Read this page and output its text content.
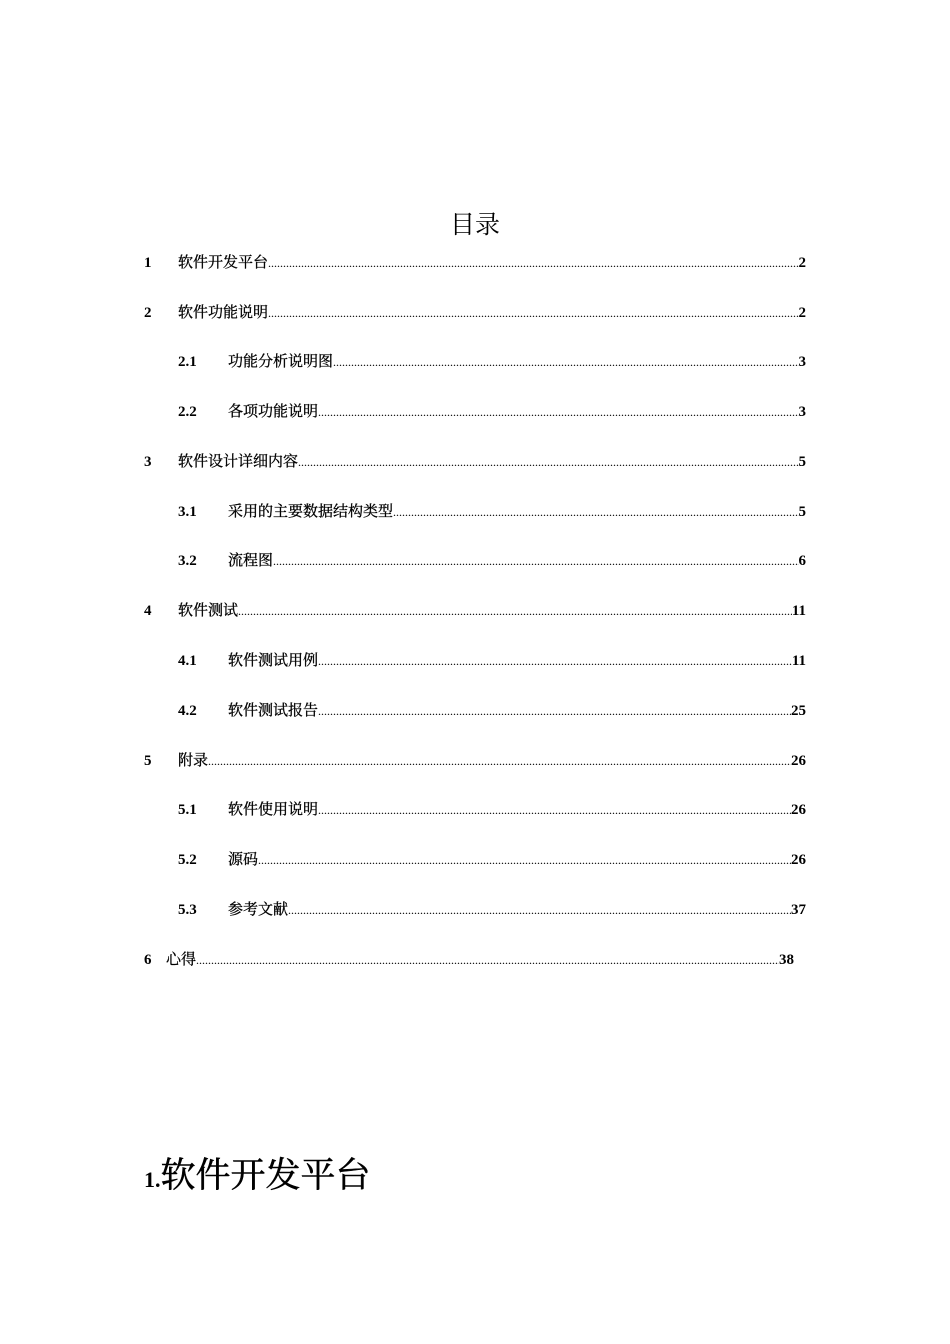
目录
1	软件开发平台 .....	2
2	软件功能说明 .....	2
2.1	功能分析说明图 .....	3
2.2	各项功能说明 .....	3
3	软件设计详细内容 .....	5
3.1	采用的主要数据结构类型 .....	5
3.2	流程图 .....	6
4	软件测试 .....	11
4.1	软件测试用例 .....	11
4.2	软件测试报告 .....	25
5	附录 .....	26
5.1	软件使用说明 .....	26
5.2	源码 .....	26
5.3	参考文献 .....	37
6 心得 .....	38
1. 软件开发平台
